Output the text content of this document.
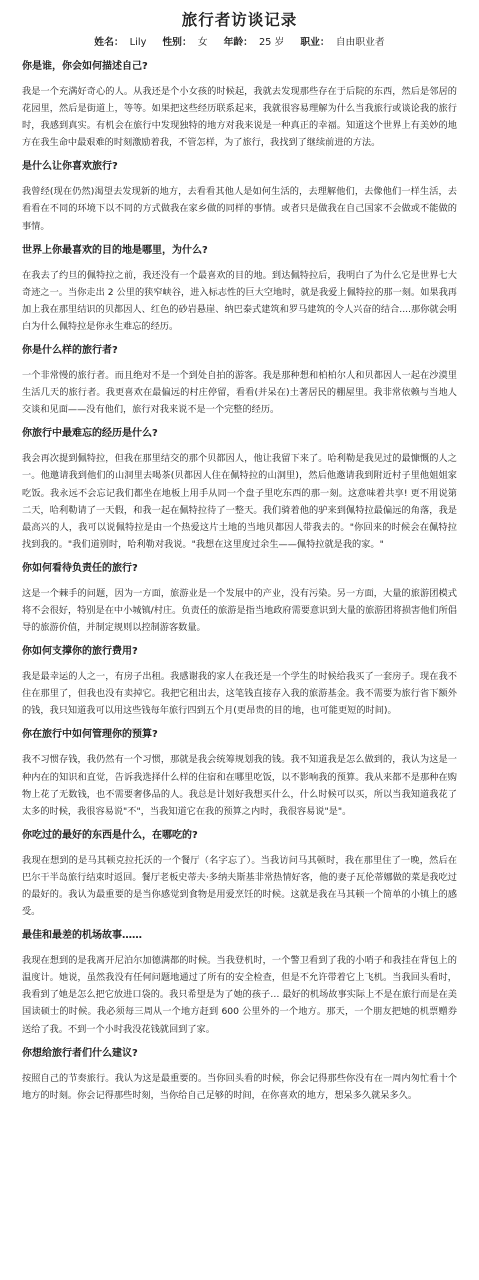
旅行者访谈记录
姓名： Lily 性别： 女 年龄： 25 岁 职业： 自由职业者

你是谁，你会如何描述自己?

我是一个充满好奇心的人。从我还是个小女孩的时候起，我就去发现那些存在于后院的东西，然后是邻居的花园里，然后是街道上，等等。如果把这些经历联系起来，我就很容易理解为什么当我旅行或谈论我的旅行时，我感到真实。有机会在旅行中发现独特的地方对我来说是一种真正的幸福。知道这个世界上有美妙的地方在我生命中最艰难的时刻激励着我，不管怎样，为了旅行，我找到了继续前进的方法。

是什么让你喜欢旅行?

我曾经(现在仍然)渴望去发现新的地方，去看看其他人是如何生活的，去理解他们，去像他们一样生活，去看看在不同的环境下以不同的方式做我在家乡做的同样的事情。或者只是做我在自己国家不会做或不能做的事情。

世界上你最喜欢的目的地是哪里，为什么?

在我去了约旦的佩特拉之前，我还没有一个最喜欢的目的地。到达佩特拉后，我明白了为什么它是世界七大奇迹之一。当你走出 2 公里的狭窄峡谷，进入标志性的巨大空地时，就是我爱上佩特拉的那一刻。如果我再加上我在那里结识的贝都因人、红色的砂岩悬崖、纳巴泰式建筑和罗马建筑的令人兴奋的结合....那你就会明白为什么佩特拉是你永生难忘的经历。

你是什么样的旅行者?

一个非常慢的旅行者。而且绝对不是一个到处自拍的游客。我是那种想和柏柏尔人和贝都因人一起在沙漠里生活几天的旅行者。我更喜欢在最偏远的村庄停留，看看(并呆在)土著居民的棚屋里。我非常依赖与当地人交谈和见面——没有他们，旅行对我来说不是一个完整的经历。

你旅行中最难忘的经历是什么?

我会再次提到佩特拉，但我在那里结交的那个贝都因人，他让我留下来了。哈利勒是我见过的最慷慨的人之一。他邀请我到他们的山洞里去喝茶(贝都因人住在佩特拉的山洞里)，然后他邀请我到附近村子里他姐姐家吃饭。我永远不会忘记我们都坐在地板上用手从同一个盘子里吃东西的那一刻。这意味着共享! 更不用说第二天，哈利勒请了一天假，和我一起在佩特拉待了一整天。我们骑着他的驴来到佩特拉最偏远的角落，我是最高兴的人，我可以说佩特拉是由一个热爱这片土地的当地贝都因人带我去的。"你回来的时候会在佩特拉找到我的。"我们道别时，哈利勒对我说。"我想在这里度过余生——佩特拉就是我的家。"

你如何看待负责任的旅行?

这是一个棘手的问题，因为一方面，旅游业是一个发展中的产业，没有污染。另一方面，大量的旅游团模式将不会很好，特别是在中小城镇/村庄。负责任的旅游是指当地政府需要意识到大量的旅游团将损害他们所倡导的旅游价值，并制定规则以控制游客数量。

你如何支撑你的旅行费用?

我是最幸运的人之一，有房子出租。我感谢我的家人在我还是一个学生的时候给我买了一套房子。现在我不住在那里了，但我也没有卖掉它。我把它租出去，这笔钱直接存入我的旅游基金。我不需要为旅行省下额外的钱，我只知道我可以用这些钱每年旅行四到五个月(更昂贵的目的地，也可能更短的时间)。

你在旅行中如何管理你的预算?

我不习惯存钱，我仍然有一个习惯，那就是我会统筹规划我的钱。我不知道我是怎么做到的，我认为这是一种内在的知识和直觉，告诉我选择什么样的住宿和在哪里吃饭，以不影响我的预算。我从来都不是那种在购物上花了无数钱，也不需要奢侈品的人。我总是计划好我想买什么，什么时候可以买，所以当我知道我花了太多的时候，我很容易说"不"，当我知道它在我的预算之内时，我很容易说"是"。

你吃过的最好的东西是什么，在哪吃的?

我现在想到的是马其顿克拉托沃的一个餐厅（名字忘了）。当我访问马其顿时，我在那里住了一晚，然后在巴尔干半岛旅行结束时返回。餐厅老板史蒂夫·多纳夫斯基非常热情好客，他的妻子瓦伦蒂娜做的菜是我吃过的最好的。我认为最重要的是当你感觉到食物是用爱烹饪的时候。这就是我在马其顿一个简单的小镇上的感受。

最佳和最差的机场故事……

我现在想到的是我离开尼泊尔加德满都的时候。当我登机时，一个警卫看到了我的小哨子和我挂在背包上的温度计。她说，虽然我没有任何问题地通过了所有的安全检查，但是不允许带着它上飞机。当我回头看时，我看到了她是怎么把它放进口袋的。我只希望是为了她的孩子… 最好的机场故事实际上不是在旅行而是在美国读硕士的时候。我必须每三周从一个地方赶到 600 公里外的一个地方。那天，一个朋友把她的机票赠券送给了我。不到一个小时我没花钱就回到了家。

你想给旅行者们什么建议?

按照自己的节奏旅行。我认为这是最重要的。当你回头看的时候，你会记得那些你没有在一周内匆忙看十个地方的时刻。你会记得那些时刻，当你给自己足够的时间，在你喜欢的地方，想呆多久就呆多久。
